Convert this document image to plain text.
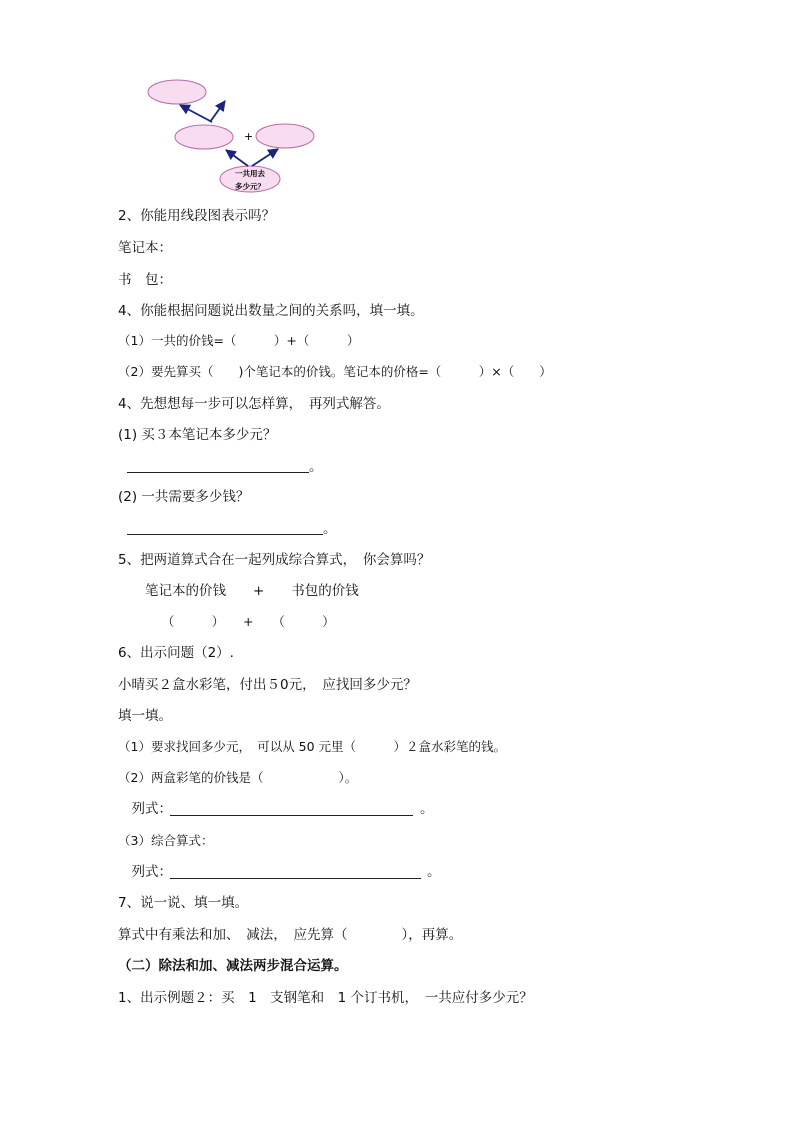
+
一共用去
多少元？
2、你能用线段图表示吗？
笔记本：
书　包：
4、你能根据问题说出数量之间的关系吗，填一填。
（1）一共的价钱=（　　　）+（　　　）
（2）要先算买（　　)个笔记本的价钱。笔记本的价格=（　　　）×（　　）
4、先想想每一步可以怎样算，　再列式解答。
(1) 买３本笔记本多少元？
。
(2) 一共需要多少钱？
。
5、把两道算式合在一起列成综合算式，　你会算吗？
　　笔记本的价钱　　+　　书包的价钱
　　　　（　　　）　　+　　（　　　）
6、出示问题（2）.
小晴买２盒水彩笔，付出５0元，　应找回多少元？
填一填。
（1）要求找回多少元，　可以从 50 元里（　　　）２盒水彩笔的钱。
（2）两盒彩笔的价钱是（　　　　　　）。
　列式：	。
（3）综合算式：
　列式：	。
7、说一说、填一填。
算式中有乘法和加、　减法，　应先算（　　　　），再算。
（二）除法和加、减法两步混合运算。
1、出示例题２：买　1　支钢笔和　1 个订书机，　一共应付多少元？
